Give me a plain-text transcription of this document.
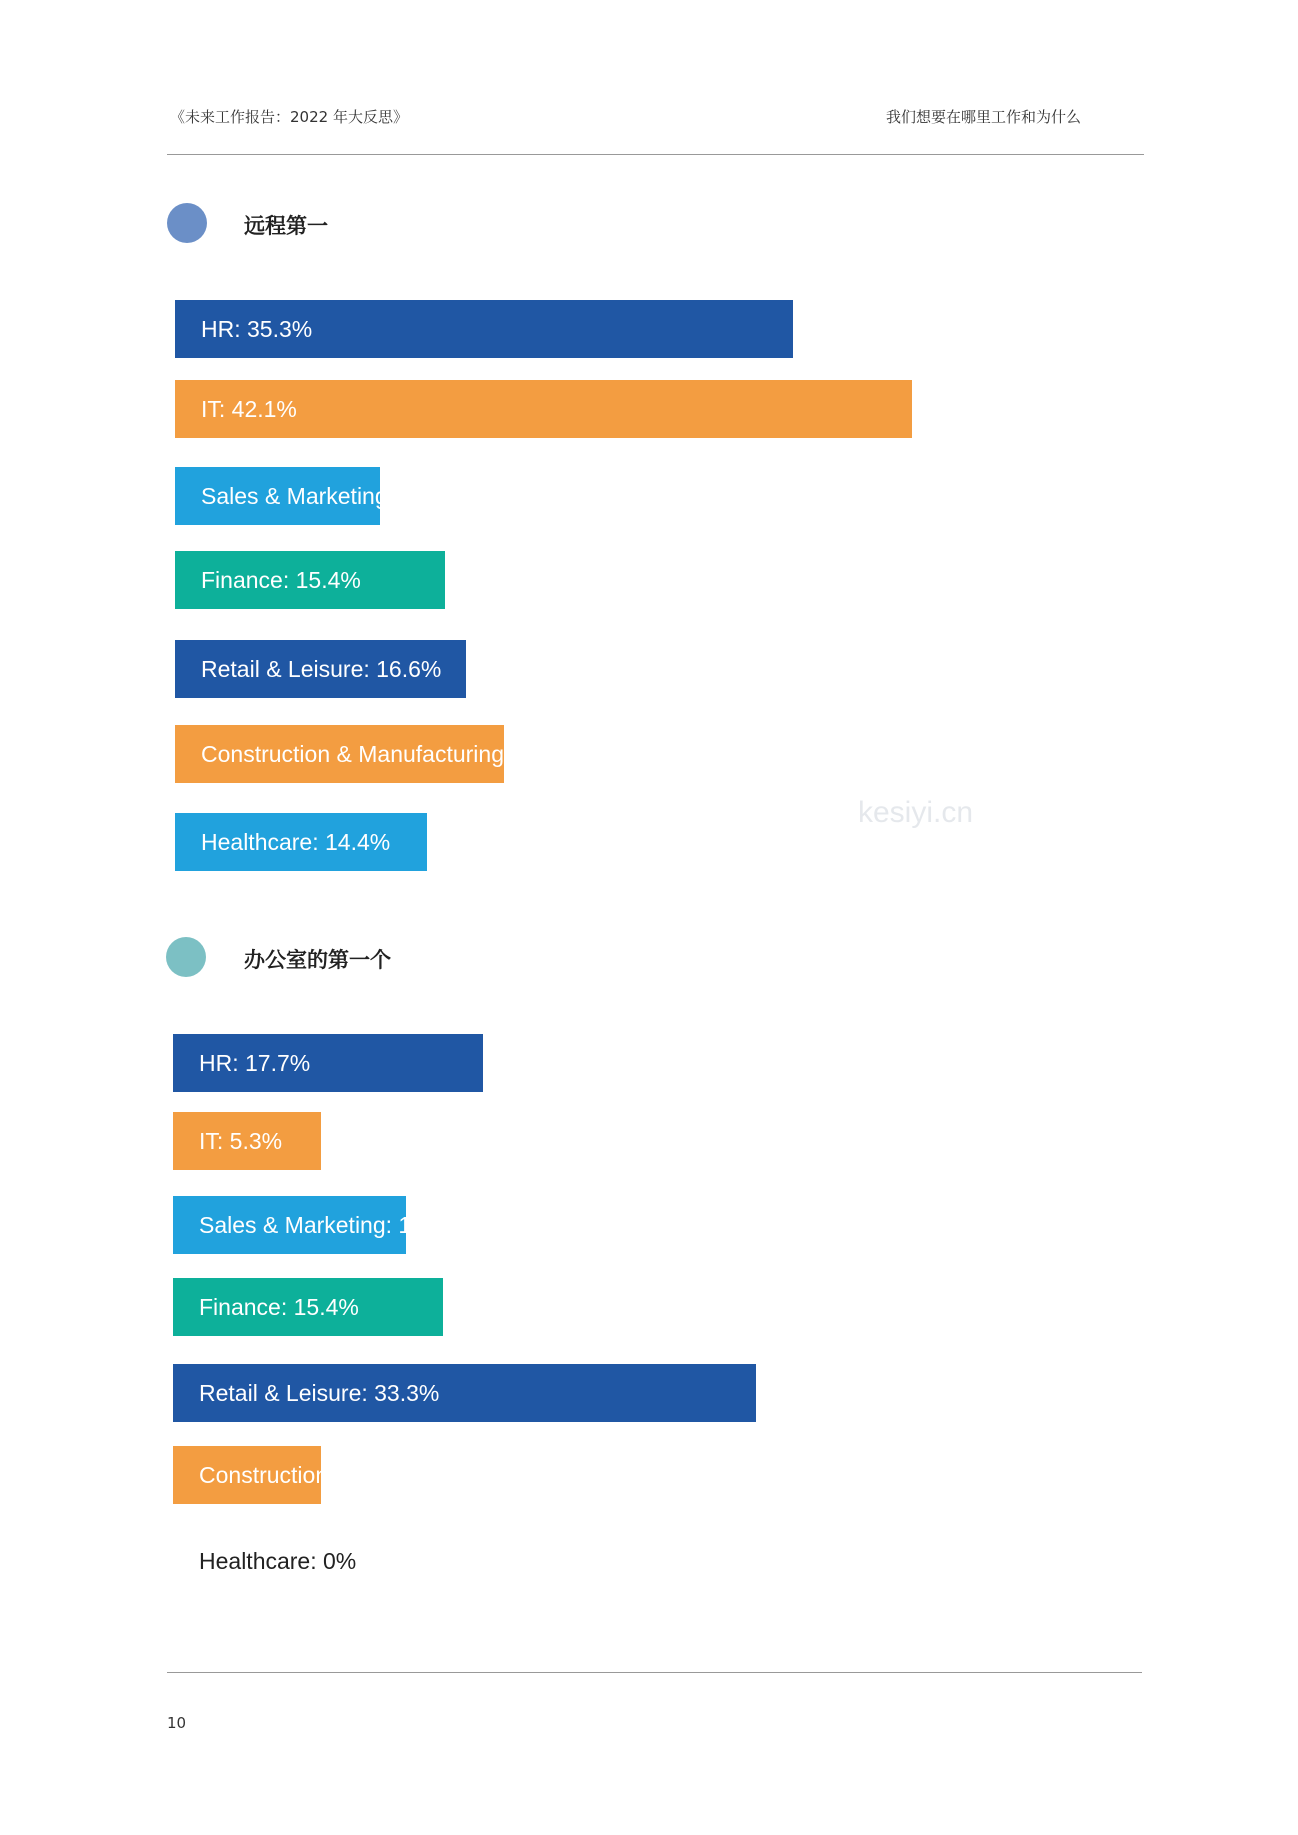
《未来工作报告：2022 年大反思》	我们想要在哪里工作和为什么
远程第一
办公室的第一个
HR: 35.3%
IT: 42.1%
Sales & Marketing: 6.7%
Finance: 15.4%
Retail & Leisure: 16.6%
Construction & Manufacturing : 18.8%
Healthcare: 14.4%
HR: 17.7%
IT: 5.3%
Sales & Marketing: 13.3%
Finance: 15.4%
Retail & Leisure: 33.3%
Construction : 6.3%
Healthcare: 0%
kesiyi.cn
10
